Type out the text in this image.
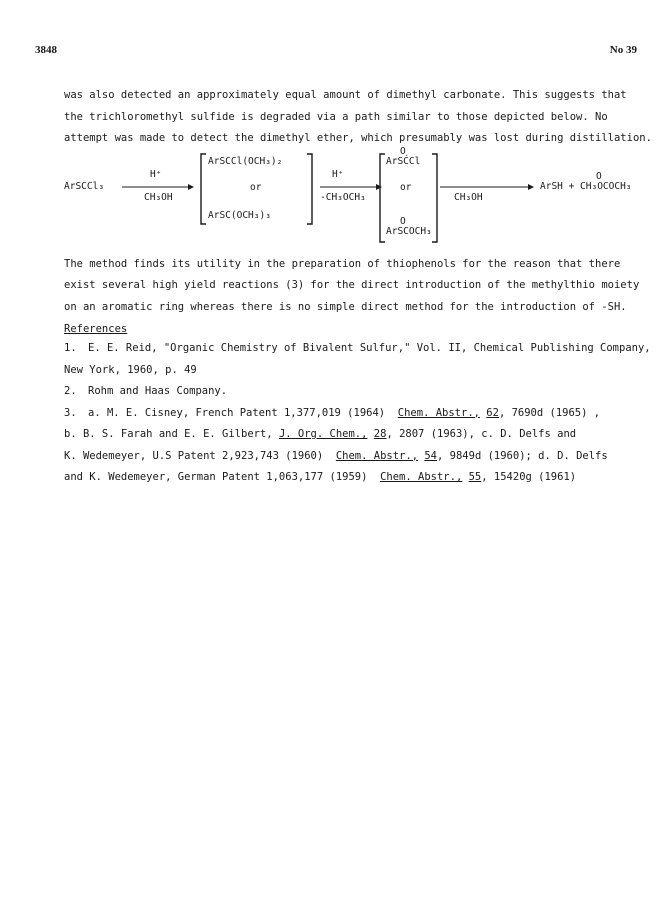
3848	No 39

was also detected an approximately equal amount of dimethyl carbonate. This suggests that

the trichloromethyl sulfide is degraded via a path similar to those depicted below. No

attempt was made to detect the dimethyl ether, which presumably was lost during distillation.

ArSCCl₃
H⁺
CH₃OH
ArSCCl(OCH₃)₂
or
ArSC(OCH₃)₃
H⁺
-CH₃OCH₃
O
ArSĆCl
or
O
ArSCOCH₃
CH₃OH
O
ArSH + CH₃OCOCH₃

The method finds its utility in the preparation of thiophenols for the reason that there

exist several high yield reactions (3) for the direct introduction of the methylthio moiety

on an aromatic ring whereas there is no simple direct method for the introduction of -SH.

References
1. E. E. Reid, "Organic Chemistry of Bivalent Sulfur," Vol. II, Chemical Publishing Company,
New York, 1960, p. 49
2. Rohm and Haas Company.
3. a. M. E. Cisney, French Patent 1,377,019 (1964) Chem. Abstr., 62, 7690d (1965) ,
b. B. S. Farah and E. E. Gilbert, J. Org. Chem., 28, 2807 (1963), c. D. Delfs and
K. Wedemeyer, U.S Patent 2,923,743 (1960) Chem. Abstr., 54, 9849d (1960); d. D. Delfs
and K. Wedemeyer, German Patent 1,063,177 (1959) Chem. Abstr., 55, 15420g (1961)
